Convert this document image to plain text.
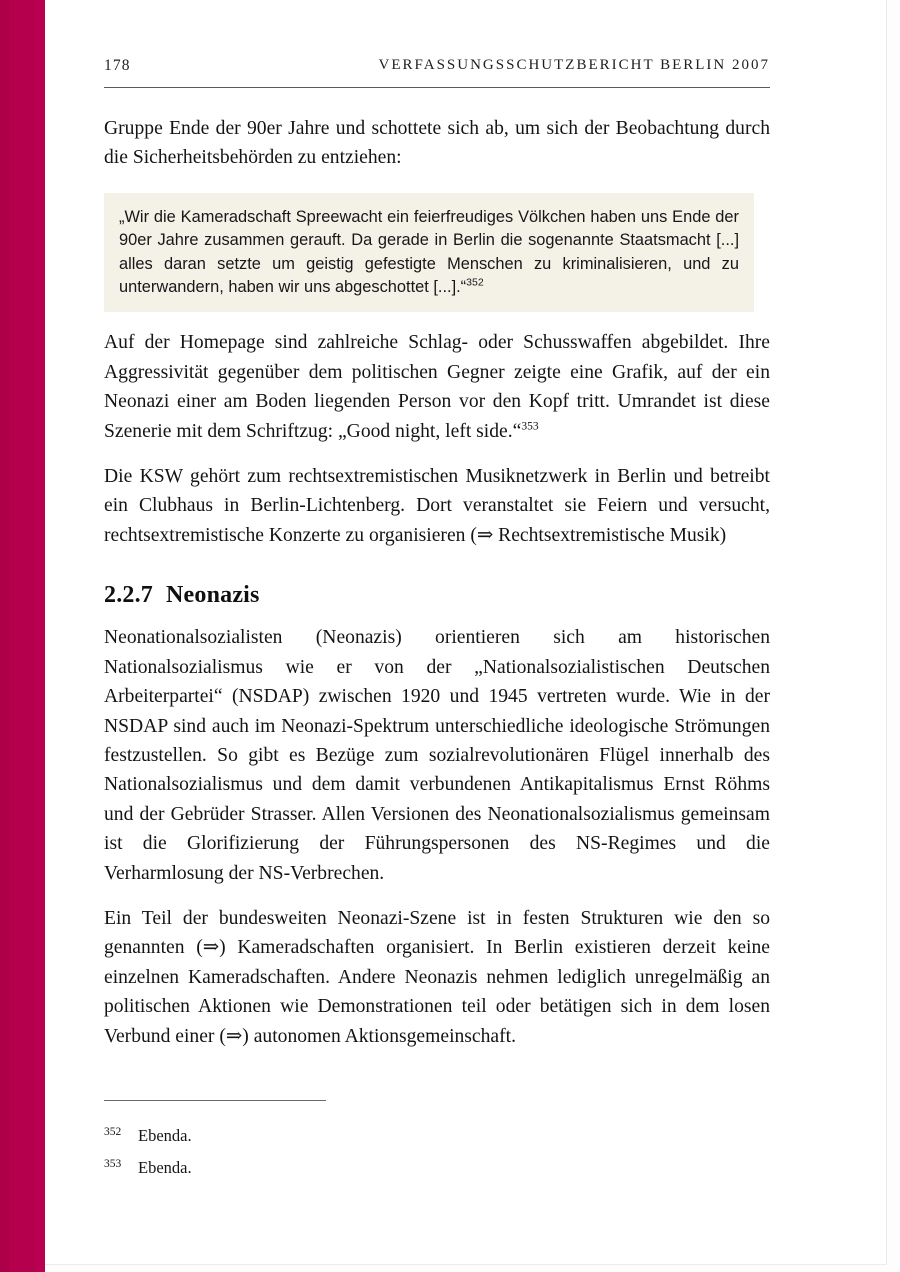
178	VERFASSUNGSSCHUTZBERICHT BERLIN 2007

Gruppe Ende der 90er Jahre und schottete sich ab, um sich der Beobachtung durch die Sicherheitsbehörden zu entziehen:

„Wir die Kameradschaft Spreewacht ein feierfreudiges Völkchen haben uns Ende der 90er Jahre zusammen gerauft. Da gerade in Berlin die sogenannte Staatsmacht [...] alles daran setzte um geistig gefestigte Menschen zu kriminalisieren, und zu unterwandern, haben wir uns abgeschottet [...].“$^{352}$

Auf der Homepage sind zahlreiche Schlag- oder Schusswaffen abgebildet. Ihre Aggressivität gegenüber dem politischen Gegner zeigte eine Grafik, auf der ein Neonazi einer am Boden liegenden Person vor den Kopf tritt. Umrandet ist diese Szenerie mit dem Schriftzug: „Good night, left side.“$^{353}$

Die KSW gehört zum rechtsextremistischen Musiknetzwerk in Berlin und betreibt ein Clubhaus in Berlin-Lichtenberg. Dort veranstaltet sie Feiern und versucht, rechtsextremistische Konzerte zu organisieren (⇒ Rechtsextremistische Musik)

2.2.7 Neonazis

Neonationalsozialisten (Neonazis) orientieren sich am historischen Nationalsozialismus wie er von der „Nationalsozialistischen Deutschen Arbeiterpartei“ (NSDAP) zwischen 1920 und 1945 vertreten wurde. Wie in der NSDAP sind auch im Neonazi-Spektrum unterschiedliche ideologische Strömungen festzustellen. So gibt es Bezüge zum sozialrevolutionären Flügel innerhalb des Nationalsozialismus und dem damit verbundenen Antikapitalismus Ernst Röhms und der Gebrüder Strasser. Allen Versionen des Neonationalsozialismus gemeinsam ist die Glorifizierung der Führungspersonen des NS-Regimes und die Verharmlosung der NS-Verbrechen.

Ein Teil der bundesweiten Neonazi-Szene ist in festen Strukturen wie den so genannten (⇒) Kameradschaften organisiert. In Berlin existieren derzeit keine einzelnen Kameradschaften. Andere Neonazis nehmen lediglich unregelmäßig an politischen Aktionen wie Demonstrationen teil oder betätigen sich in dem losen Verbund einer (⇒) autonomen Aktionsgemeinschaft.

352	Ebenda.
353	Ebenda.
